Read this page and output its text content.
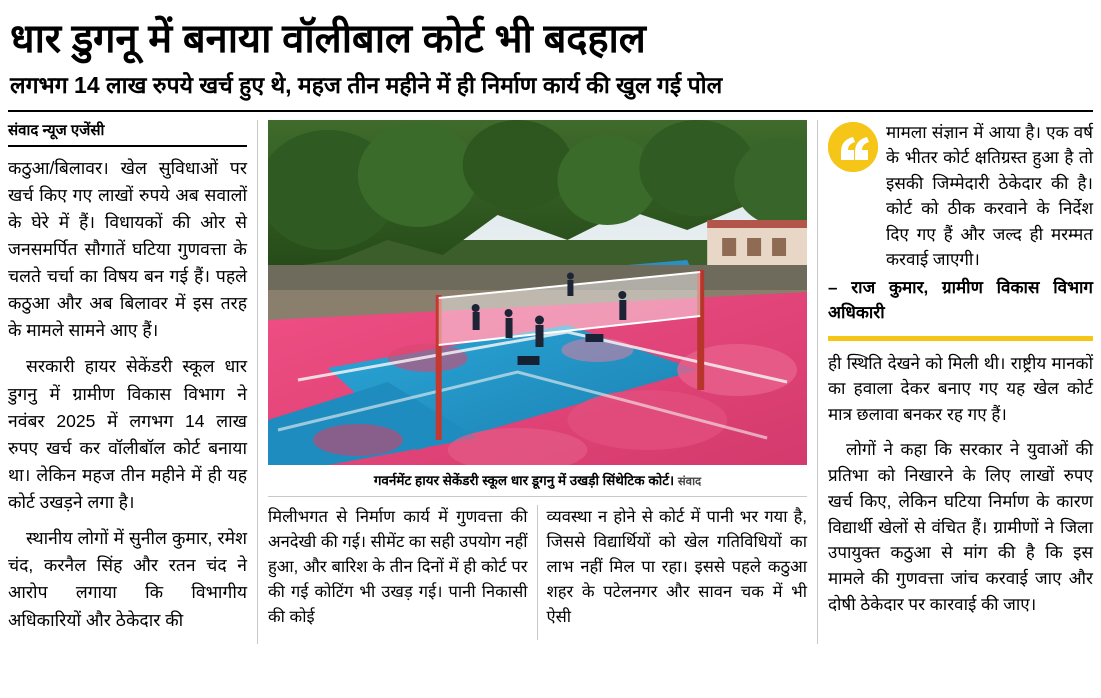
धार डुगनू में बनाया वॉलीबाल कोर्ट भी बदहाल
लगभग 14 लाख रुपये खर्च हुए थे, महज तीन महीने में ही निर्माण कार्य की खुल गई पोल
संवाद न्यूज एजेंसी

कठुआ/बिलावर। खेल सुविधाओं पर खर्च किए गए लाखों रुपये अब सवालों के घेरे में हैं। विधायकों की ओर से जनसमर्पित सौगातें घटिया गुणवत्ता के चलते चर्चा का विषय बन गई हैं। पहले कठुआ और अब बिलावर में इस तरह के मामले सामने आए हैं।

सरकारी हायर सेकेंडरी स्कूल धार डुगनु में ग्रामीण विकास विभाग ने नवंबर 2025 में लगभग 14 लाख रुपए खर्च कर वॉलीबॉल कोर्ट बनाया था। लेकिन महज तीन महीने में ही यह कोर्ट उखड़ने लगा है।

स्थानीय लोगों में सुनील कुमार, रमेश चंद, करनैल सिंह और रतन चंद ने आरोप लगाया कि विभागीय अधिकारियों और ठेकेदार की

गवर्नमेंट हायर सेकेंडरी स्कूल धार डूगनु में उखड़ी सिंथेटिक कोर्ट। संवाद

मिलीभगत से निर्माण कार्य में गुणवत्ता की अनदेखी की गई। सीमेंट का सही उपयोग नहीं हुआ, और बारिश के तीन दिनों में ही कोर्ट पर की गई कोटिंग भी उखड़ गई। पानी निकासी की कोई

व्यवस्था न होने से कोर्ट में पानी भर गया है, जिससे विद्यार्थियों को खेल गतिविधियों का लाभ नहीं मिल पा रहा। इससे पहले कठुआ शहर के पटेलनगर और सावन चक में भी ऐसी

मामला संज्ञान में आया है। एक वर्ष के भीतर कोर्ट क्षतिग्रस्त हुआ है तो इसकी जिम्मेदारी ठेकेदार की है। कोर्ट को ठीक करवाने के निर्देश दिए गए हैं और जल्द ही मरम्मत करवाई जाएगी।
– राज कुमार, ग्रामीण विकास विभाग अधिकारी

ही स्थिति देखने को मिली थी। राष्ट्रीय मानकों का हवाला देकर बनाए गए यह खेल कोर्ट मात्र छलावा बनकर रह गए हैं।

लोगों ने कहा कि सरकार ने युवाओं की प्रतिभा को निखारने के लिए लाखों रुपए खर्च किए, लेकिन घटिया निर्माण के कारण विद्यार्थी खेलों से वंचित हैं। ग्रामीणों ने जिला उपायुक्त कठुआ से मांग की है कि इस मामले की गुणवत्ता जांच करवाई जाए और दोषी ठेकेदार पर कारवाई की जाए।
